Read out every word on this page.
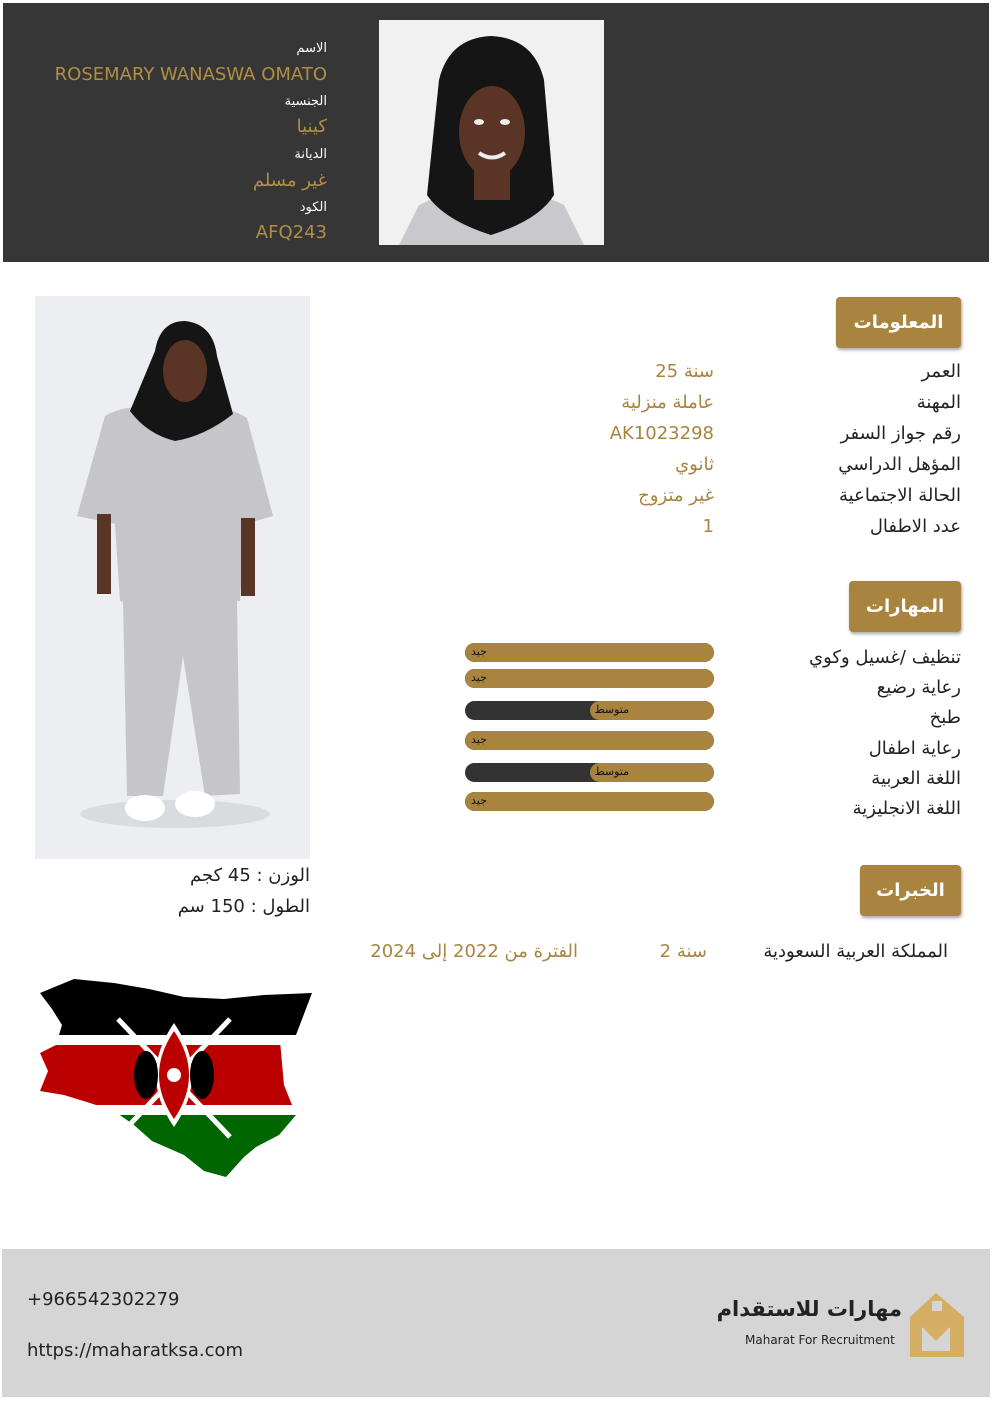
الاسم
ROSEMARY WANASWA OMATO
الجنسية
كينيا
الديانة
غير مسلم
الكود
AFQ243
المعلومات
العمر
25 سنة
المهنة
عاملة منزلية
رقم جواز السفر
AK1023298
المؤهل الدراسي
ثانوي
الحالة الاجتماعية
غير متزوج
عدد الاطفال
1
المهارات
تنظيف /غسيل وكوي
رعاية رضيع
طبخ
رعاية اطفال
اللغة العربية
اللغة الانجليزية
جيد
جيد
متوسط
جيد
متوسط
جيد
الوزن : 45 كجم
الطول : 150 سم
الخبرات
المملكة العربية السعودية
2 سنة
الفترة من 2022 إلى 2024
+966542302279
https://maharatksa.com
مهارات للاستقدام
Maharat For Recruitment
